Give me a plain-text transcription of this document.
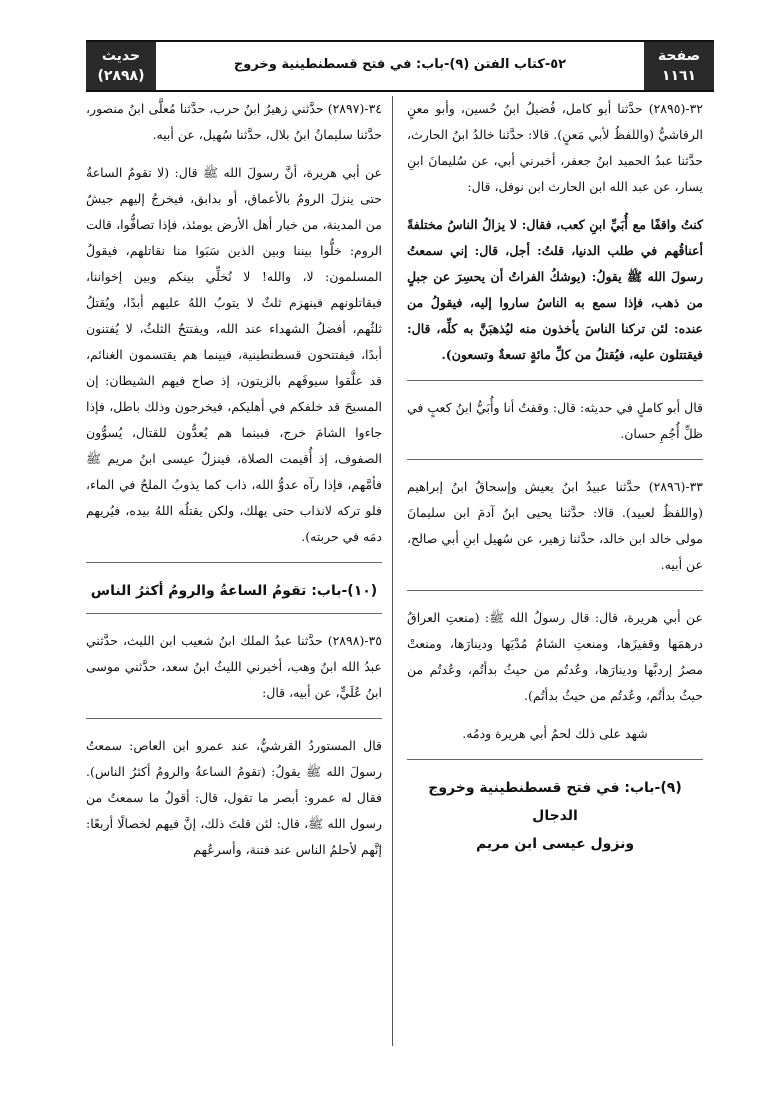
صفحة
١١٦١
٥٢-كتاب الفتن (٩)-باب: في فتح قسطنطينية وخروج
حديث
(٢٨٩٨)

٣٢-(٢٨٩٥) حدَّثنا أبو كامل، فُضيلُ ابنُ حُسين، وأبو معنٍ الرقاشيُّ (واللفظُ لأبي مَعنٍ). قالا: حدَّثنا خالدُ ابنُ الحارث، حدَّثنا عبدُ الحميد ابنُ جعفر، أخبرني أبي، عن سُليمانَ ابنِ يسار، عن عبد الله ابن الحارث ابن نوفل، قال:

كنتُ واقفًا مع أُبَيِّ ابنِ كعب، فقال: لا يزالُ الناسُ مختلفةً أعناقُهم في طلب الدنيا، قلتُ: أجل، قال: إني سمعتُ رسولَ الله ﷺ يقولُ: (يوشكُ الفراتُ أن يحسِرَ عن جبلٍ من ذهب، فإذا سمع به الناسُ ساروا إليه، فيقولُ من عنده: لئن تركنا الناسَ يأخذون منه ليُذهبَنَّ به كلِّه، قال: فيقتتلون عليه، فيُقتلُ من كلِّ مائةٍ تسعةٌ وتسعون).

قال أبو كاملٍ في حديثه: قال: وقفتُ أنا وأُبَيُّ ابنُ كعبٍ في ظلِّ أُجُمِ حسان.

٣٣-(٢٨٩٦) حدَّثنا عبيدُ ابنُ يعيش وإسحاقُ ابنُ إبراهيم (واللفظُ لعبيد). قالا: حدَّثنا يحيى ابنُ آدمَ ابن سليمانَ مولى خالد ابن خالد، حدَّثنا زهير، عن سُهيل ابنِ أبي صالح، عن أبيه.

عن أبي هريرة، قال: قال رسولُ الله ﷺ: (منعتِ العراقُ درهمَها وقفيزَها، ومنعتِ الشامُ مُدْيَها ودينارَها، ومنعتْ مصرُ إردبَّها ودينارَها، وعُدتُم من حيثُ بدأتُم، وعُدتُم من حيثُ بدأتُم، وعُدتُم من حيثُ بدأتُم).

شهد على ذلك لحمُ أبي هريرة ودمُه.

(٩)-باب: في فتح قسطنطينية وخروج الدجال
ونزول عيسى ابن مريم

٣٤-(٢٨٩٧) حدَّثني زهيرُ ابنُ حرب، حدَّثنا مُعلَّى ابنُ منصور، حدَّثنا سليمانُ ابنُ بلال، حدَّثنا سُهيل، عن أبيه.

عن أبي هريرة، أنَّ رسولَ الله ﷺ قال: (لا تقومُ الساعةُ حتى ينزلَ الرومُ بالأعماق، أو بدابق، فيخرجُ إليهم جيشٌ من المدينة، من خيار أهل الأرض يومئذ، فإذا تصافُّوا، قالت الروم: خلُّوا بيننا وبين الذين سَبَوا منا نقاتلهم، فيقولُ المسلمون: لا، والله! لا نُخلِّي بينكم وبين إخواننا، فيقاتلونهم فينهزم ثلثٌ لا يتوبُ اللهُ عليهم أبدًا، ويُقتلُ ثلثُهم، أفضلُ الشهداء عند الله، ويفتتحُ الثلثُ، لا يُفتنون أبدًا، فيفتتحون قسطنطينية، فبينما هم يقتسمون الغنائم، قد علَّقوا سيوفَهم بالزيتون، إذ صاح فيهم الشيطان: إن المسيحَ قد خلفكم في أهليكم، فيخرجون وذلك باطل، فإذا جاءوا الشامَ خرج، فبينما هم يُعدُّون للقتال، يُسوُّون الصفوف، إذ أُقيمت الصلاة، فينزلُ عيسى ابنُ مريم ﷺ فأمَّهم، فإذا رآه عدوُّ الله، ذاب كما يذوبُ الملحُ في الماء، فلو تركه لانذاب حتى يهلك، ولكن يقتلُه اللهُ بيده، فيُريهم دمَه في حربته).

(١٠)-باب: تقومُ الساعةُ والرومُ أكثرُ الناس

٣٥-(٢٨٩٨) حدَّثنا عبدُ الملك ابنُ شعيب ابن الليث، حدَّثني عبدُ الله ابنُ وهب، أخبرني الليثُ ابنُ سعد، حدَّثني موسى ابنُ عُلَيٍّ، عن أبيه، قال:

قال المستوردُ القرشيُّ، عند عمرو ابن العاص: سمعتُ رسولَ الله ﷺ يقولُ: (تقومُ الساعةُ والرومُ أكثرُ الناس). فقال له عمرو: أبصر ما تقول، قال: أقولُ ما سمعتُ من رسول الله ﷺ، قال: لئن قلتَ ذلك، إنَّ فيهم لخصالًا أربعًا: إنَّهم لأحلمُ الناس عند فتنة، وأسرعُهم
